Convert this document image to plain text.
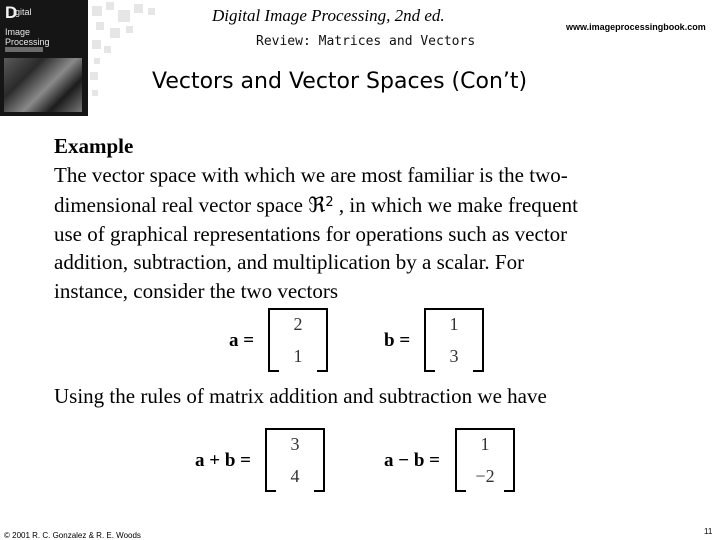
D
igital
Image
Processing
Digital Image Processing, 2nd ed.
www.imageprocessingbook.com
Review: Matrices and Vectors
Vectors and Vector Spaces (Con’t)
Example
The vector space with which we are most familiar is the two-
dimensional real vector space ℜ$^2$ , in which we make frequent
use of graphical representations for operations such as vector
addition, subtraction, and multiplication by a scalar. For
instance, consider the two vectors
a =
2
1
b =
1
3
Using the rules of matrix addition and subtraction we have
a + b =
3
4
a − b =
1
−2
© 2001 R. C. Gonzalez & R. E. Woods	11
